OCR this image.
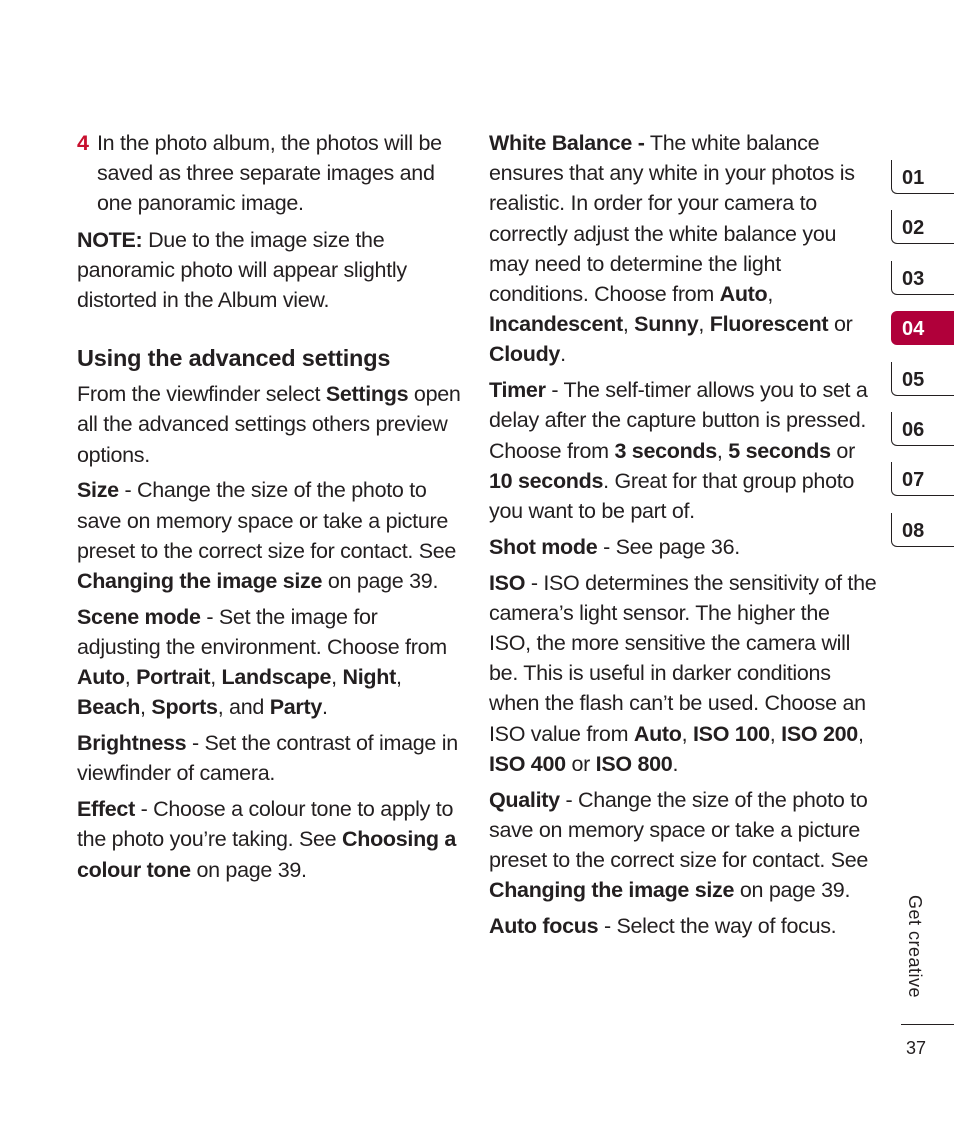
4 In the photo album, the photos will be saved as three separate images and one panoramic image.

NOTE: Due to the image size the panoramic photo will appear slightly distorted in the Album view.

Using the advanced settings

From the viewfinder select Settings open all the advanced settings others preview options.

Size - Change the size of the photo to save on memory space or take a picture preset to the correct size for contact. See Changing the image size on page 39.

Scene mode - Set the image for adjusting the environment. Choose from Auto, Portrait, Landscape, Night, Beach, Sports, and Party.

Brightness - Set the contrast of image in viewfinder of camera.

Effect - Choose a colour tone to apply to the photo you’re taking. See Choosing a colour tone on page 39.

White Balance - The white balance ensures that any white in your photos is realistic. In order for your camera to correctly adjust the white balance you may need to determine the light conditions. Choose from Auto, Incandescent, Sunny, Fluorescent or Cloudy.

Timer - The self-timer allows you to set a delay after the capture button is pressed. Choose from 3 seconds, 5 seconds or 10 seconds. Great for that group photo you want to be part of.

Shot mode - See page 36.

ISO - ISO determines the sensitivity of the camera’s light sensor. The higher the ISO, the more sensitive the camera will be. This is useful in darker conditions when the flash can’t be used. Choose an ISO value from Auto, ISO 100, ISO 200, ISO 400 or ISO 800.

Quality - Change the size of the photo to save on memory space or take a picture preset to the correct size for contact. See Changing the image size on page 39.

Auto focus - Select the way of focus.

01
02
03
04
05
06
07
08
Get creative
37
